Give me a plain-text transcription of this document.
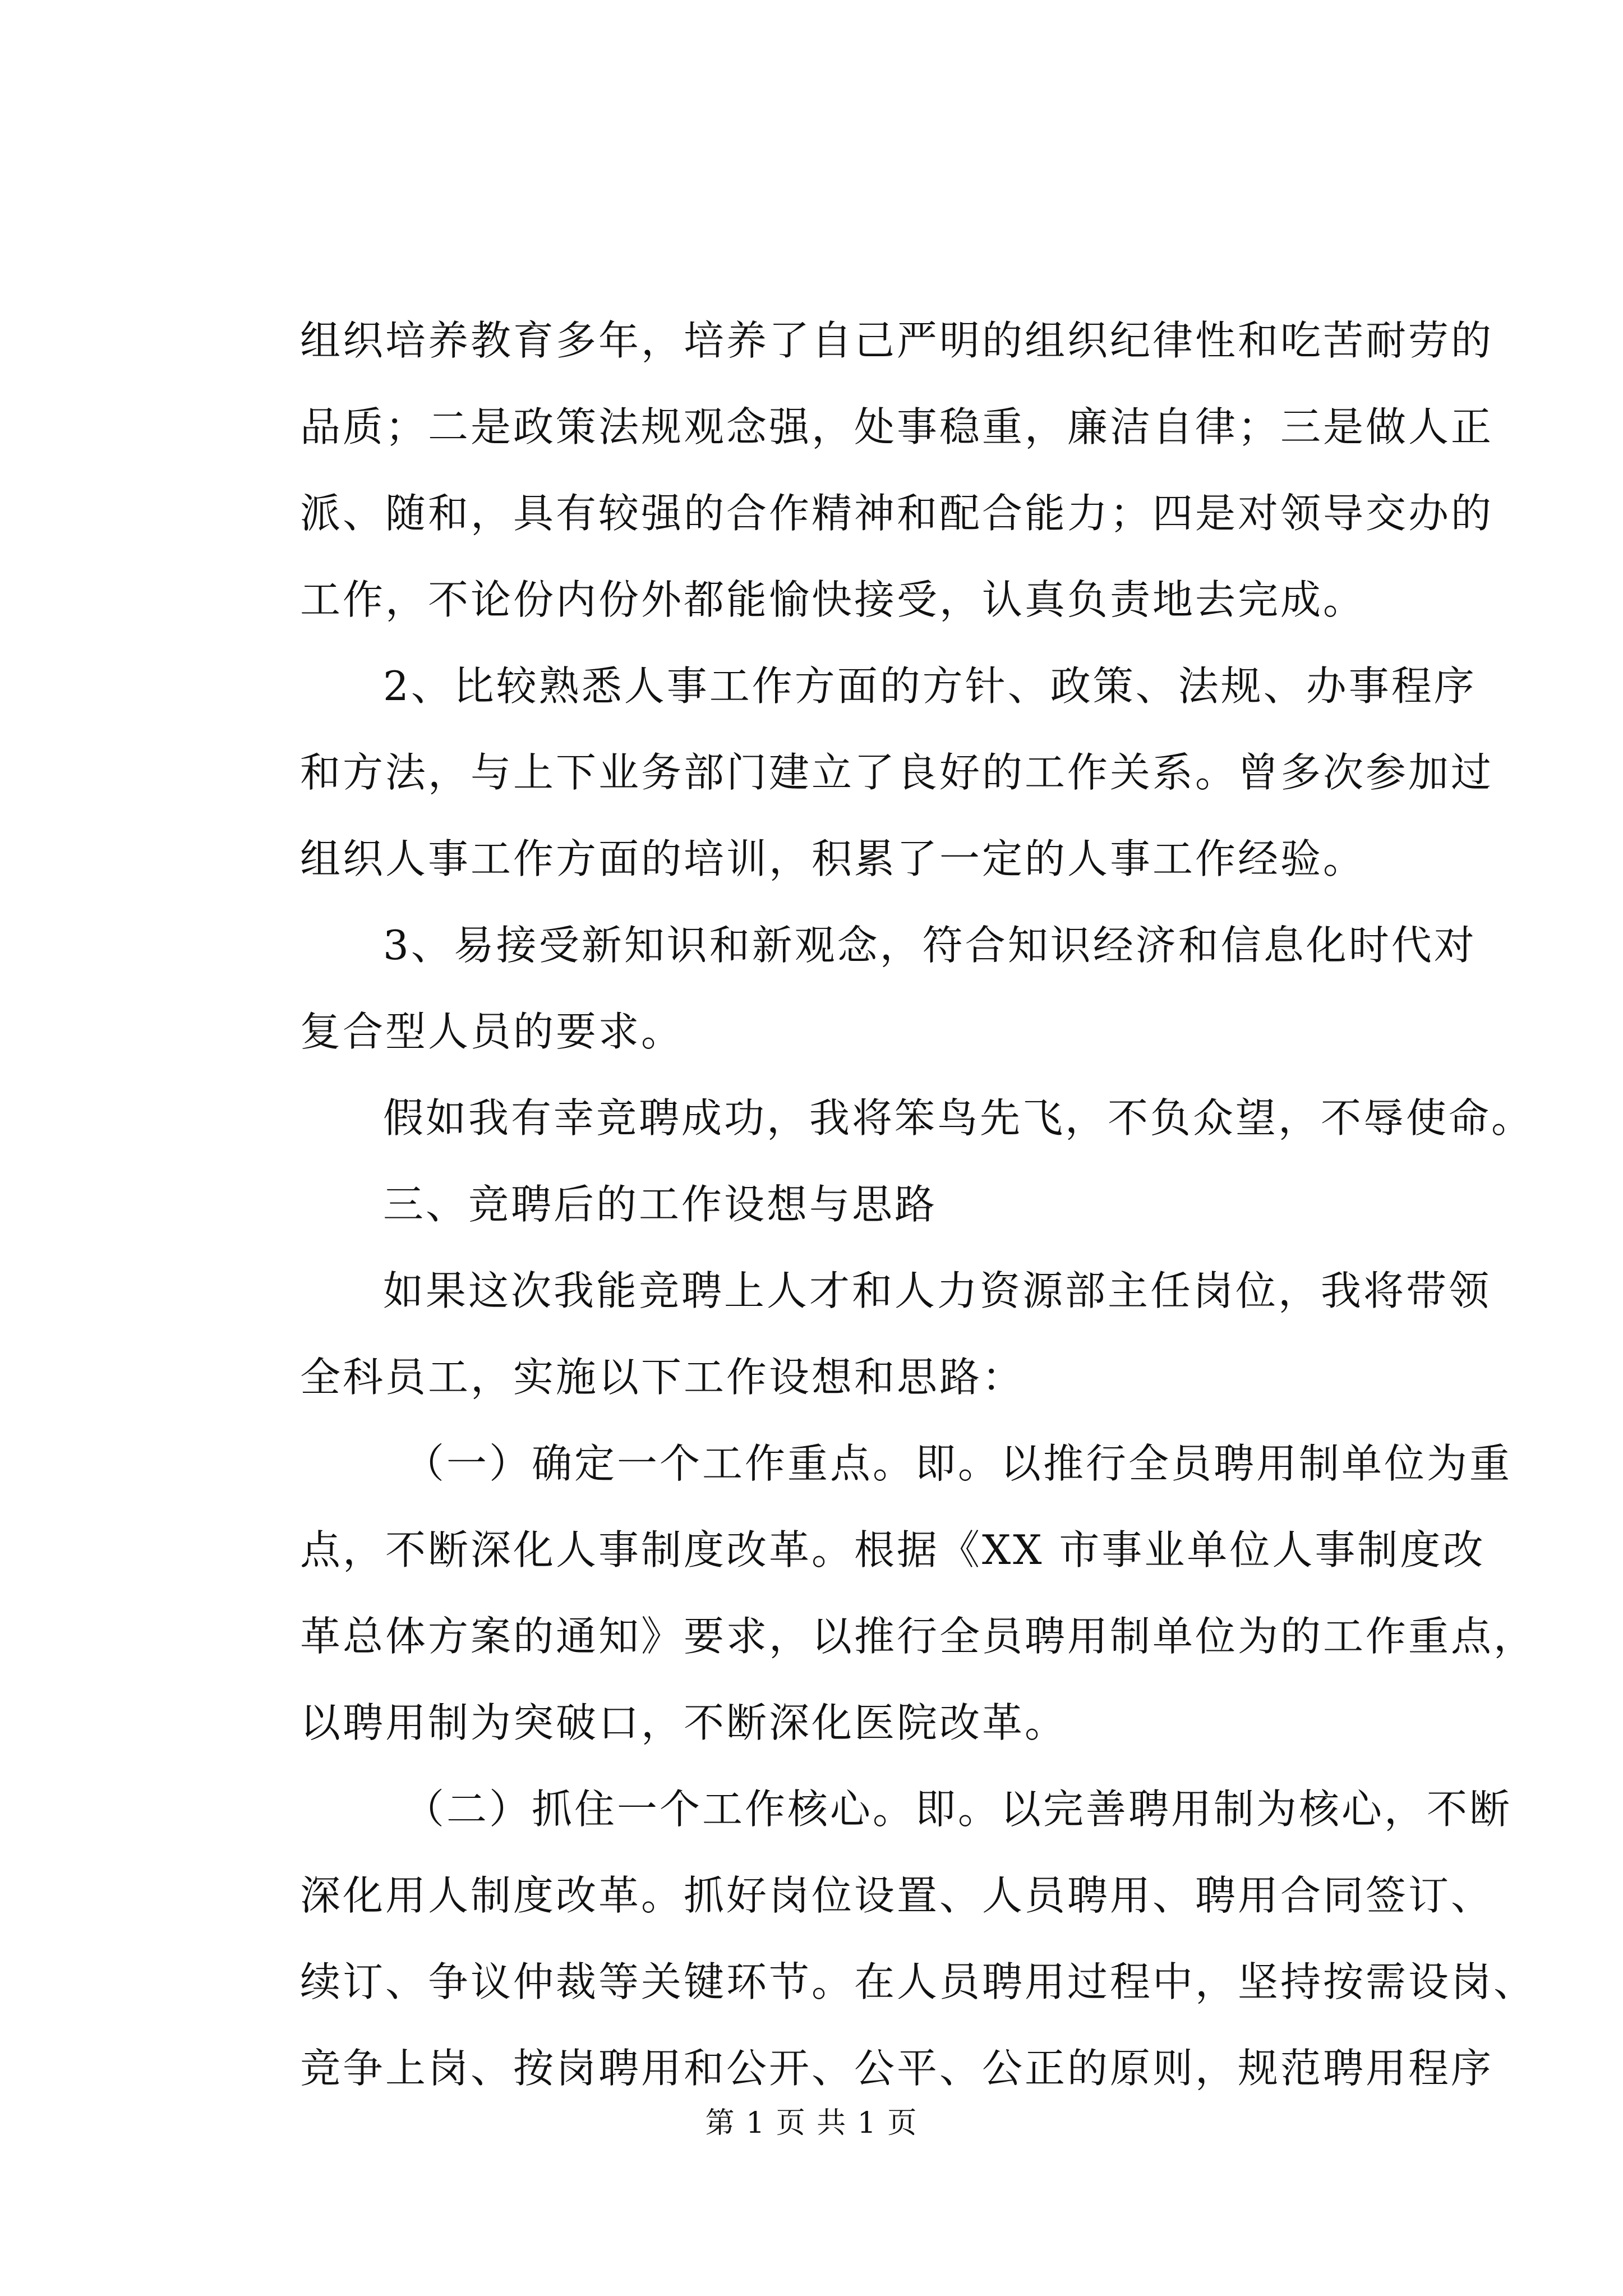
组织培养教育多年，培养了自己严明的组织纪律性和吃苦耐劳的
品质；二是政策法规观念强，处事稳重，廉洁自律；三是做人正
派、随和，具有较强的合作精神和配合能力；四是对领导交办的
工作，不论份内份外都能愉快接受，认真负责地去完成。
2、比较熟悉人事工作方面的方针、政策、法规、办事程序
和方法，与上下业务部门建立了良好的工作关系。曾多次参加过
组织人事工作方面的培训，积累了一定的人事工作经验。
3、易接受新知识和新观念，符合知识经济和信息化时代对
复合型人员的要求。
假如我有幸竞聘成功，我将笨鸟先飞，不负众望，不辱使命。
三、竞聘后的工作设想与思路
如果这次我能竞聘上人才和人力资源部主任岗位，我将带领
全科员工，实施以下工作设想和思路：
（一）确定一个工作重点。即。以推行全员聘用制单位为重
点，不断深化人事制度改革。根据《XX 市事业单位人事制度改
革总体方案的通知》要求，以推行全员聘用制单位为的工作重点，
以聘用制为突破口，不断深化医院改革。
（二）抓住一个工作核心。即。以完善聘用制为核心，不断
深化用人制度改革。抓好岗位设置、人员聘用、聘用合同签订、
续订、争议仲裁等关键环节。在人员聘用过程中，坚持按需设岗、
竞争上岗、按岗聘用和公开、公平、公正的原则，规范聘用程序
第 1 页 共 1 页
